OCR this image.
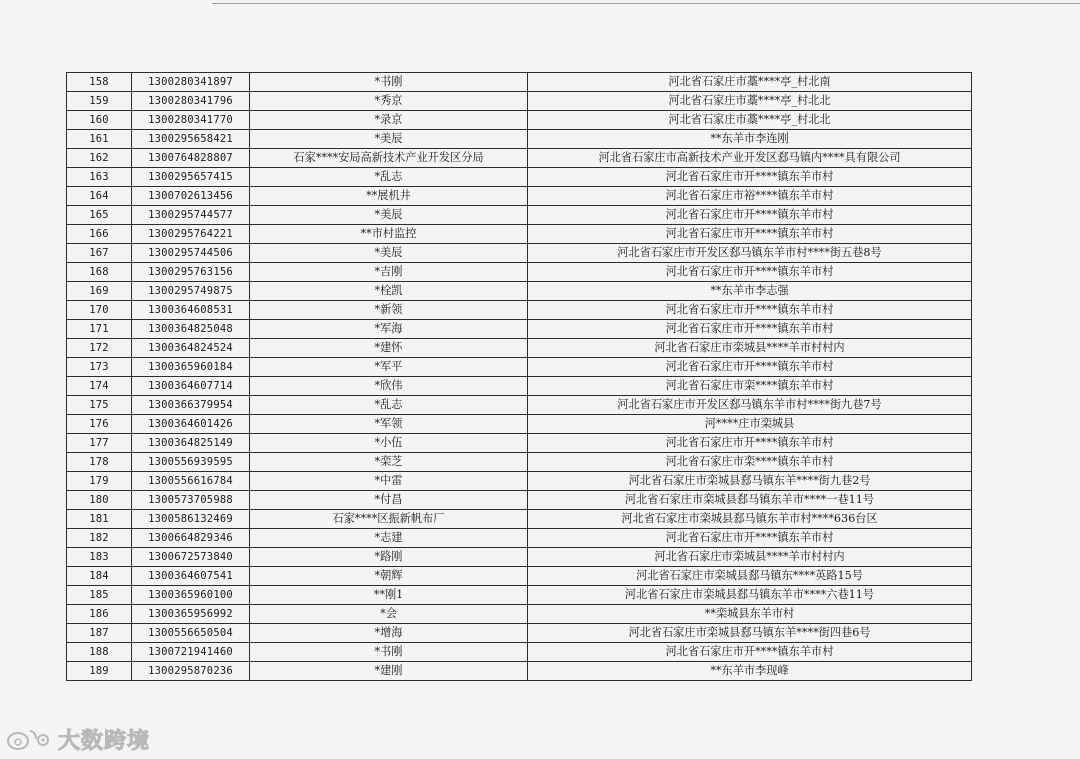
158	1300280341897	*书刚	河北省石家庄市藁****亭_村北南
159	1300280341796	*秀京	河北省石家庄市藁****亭_村北北
160	1300280341770	*录京	河北省石家庄市藁****亭_村北北
161	1300295658421	*美辰	**东羊市李连刚
162	1300764828807	石家****安局高新技术产业开发区分局	河北省石家庄市高新技术产业开发区郄马镇内****具有限公司
163	1300295657415	*乱志	河北省石家庄市开****镇东羊市村
164	1300702613456	**展机井	河北省石家庄市裕****镇东羊市村
165	1300295744577	*美辰	河北省石家庄市开****镇东羊市村
166	1300295764221	**市村监控	河北省石家庄市开****镇东羊市村
167	1300295744506	*美辰	河北省石家庄市开发区郄马镇东羊市村****街五巷8号
168	1300295763156	*吉刚	河北省石家庄市开****镇东羊市村
169	1300295749875	*栓凯	**东羊市李志强
170	1300364608531	*新领	河北省石家庄市开****镇东羊市村
171	1300364825048	*军海	河北省石家庄市开****镇东羊市村
172	1300364824524	*建怀	河北省石家庄市栾城县****羊市村村内
173	1300365960184	*军平	河北省石家庄市开****镇东羊市村
174	1300364607714	*欣伟	河北省石家庄市栾****镇东羊市村
175	1300366379954	*乱志	河北省石家庄市开发区郄马镇东羊市村****街九巷7号
176	1300364601426	*军领	河****庄市栾城县
177	1300364825149	*小伍	河北省石家庄市开****镇东羊市村
178	1300556939595	*栾芝	河北省石家庄市栾****镇东羊市村
179	1300556616784	*中雷	河北省石家庄市栾城县郄马镇东羊****街九巷2号
180	1300573705988	*付昌	河北省石家庄市栾城县郄马镇东羊市****一巷11号
181	1300586132469	石家****区振新帆布厂	河北省石家庄市栾城县郄马镇东羊市村****636台区
182	1300664829346	*志建	河北省石家庄市开****镇东羊市村
183	1300672573840	*路刚	河北省石家庄市栾城县****羊市村村内
184	1300364607541	*朝辉	河北省石家庄市栾城县郄马镇东****英路15号
185	1300365960100	**刚1	河北省石家庄市栾城县郄马镇东羊市****六巷11号
186	1300365956992	*会	**栾城县东羊市村
187	1300556650504	*增海	河北省石家庄市栾城县郄马镇东羊****街四巷6号
188	1300721941460	*书刚	河北省石家庄市开****镇东羊市村
189	1300295870236	*建刚	**东羊市李现峰
大数跨境
